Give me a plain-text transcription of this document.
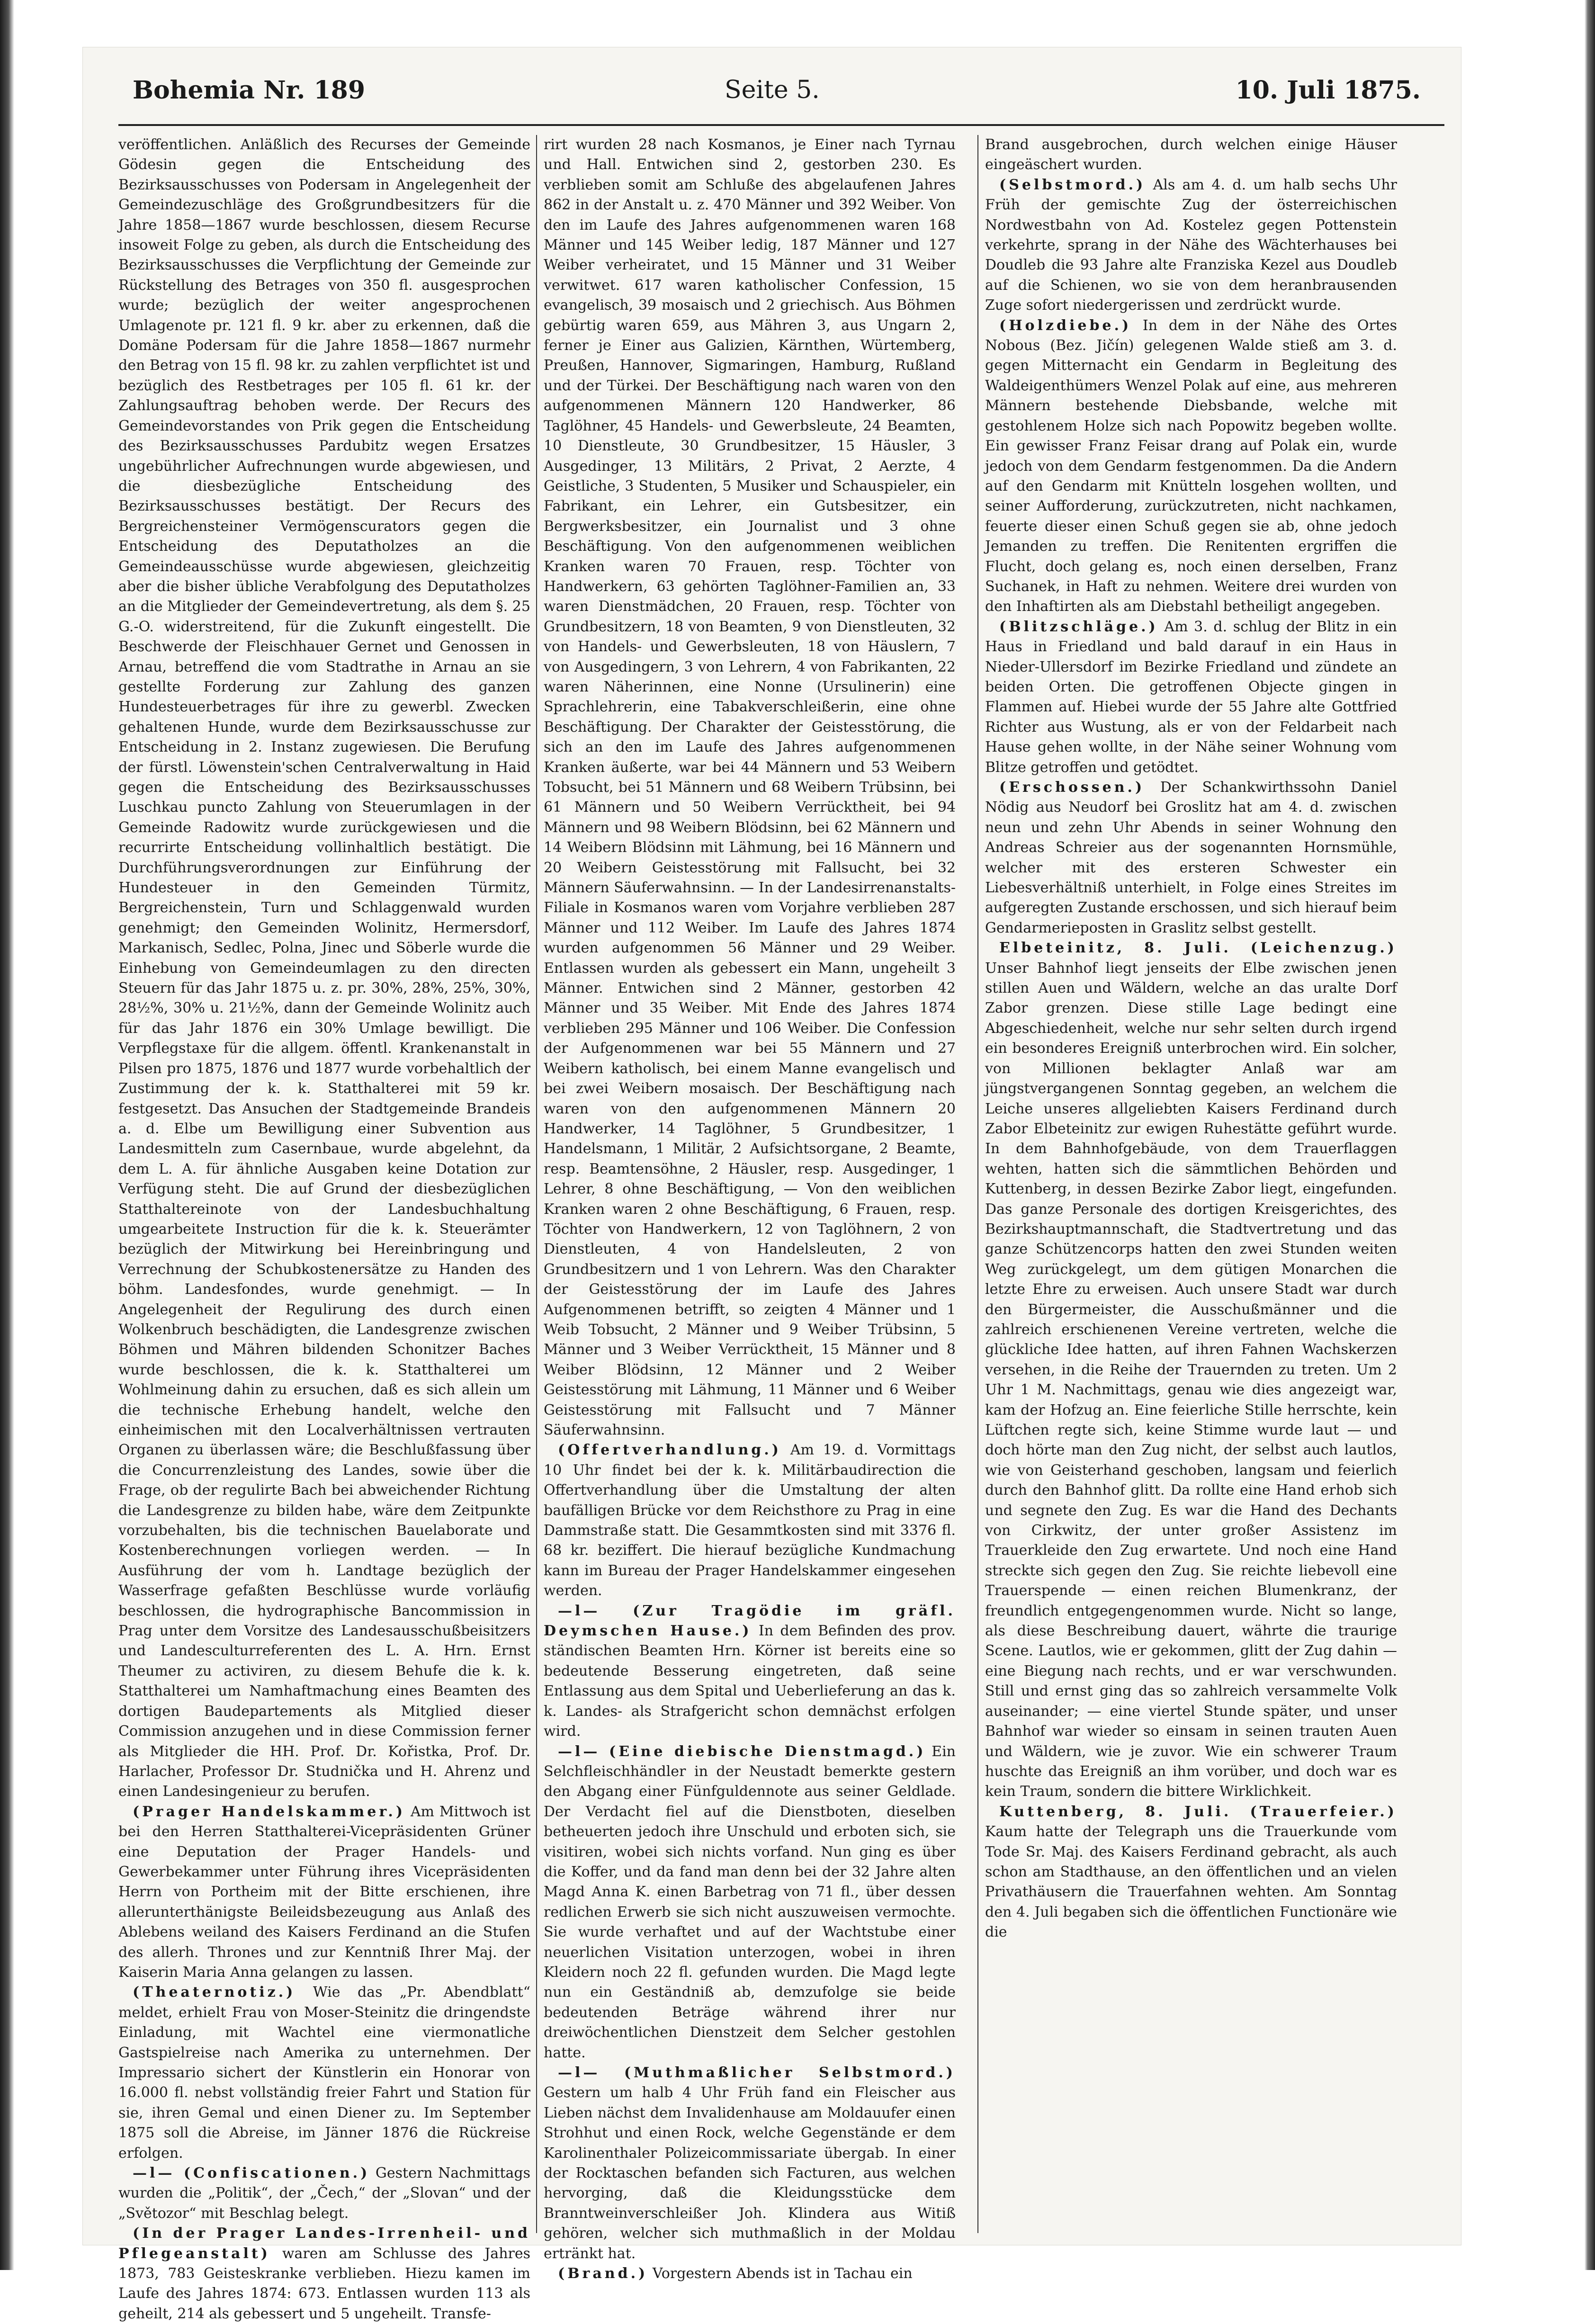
Bohemia Nr. 189	Seite 5.	10. Juli 1875.

veröffentlichen. Anläßlich des Recurses der Gemeinde Gödesin gegen die Entscheidung des Bezirksausschusses von Podersam in Angelegenheit der Gemeindezuschläge des Großgrundbesitzers für die Jahre 1858—1867 wurde beschlossen, diesem Recurse insoweit Folge zu geben, als durch die Entscheidung des Bezirksausschusses die Verpflichtung der Gemeinde zur Rückstellung des Betrages von 350 fl. ausgesprochen wurde; bezüglich der weiter angesprochenen Umlagenote pr. 121 fl. 9 kr. aber zu erkennen, daß die Domäne Podersam für die Jahre 1858—1867 nurmehr den Betrag von 15 fl. 98 kr. zu zahlen verpflichtet ist und bezüglich des Restbetrages per 105 fl. 61 kr. der Zahlungsauftrag behoben werde. Der Recurs des Gemeindevorstandes von Prik gegen die Entscheidung des Bezirksausschusses Pardubitz wegen Ersatzes ungebührlicher Aufrechnungen wurde abgewiesen, und die diesbezügliche Entscheidung des Bezirksausschusses bestätigt. Der Recurs des Bergreichensteiner Vermögenscurators gegen die Entscheidung des Deputatholzes an die Gemeindeausschüsse wurde abgewiesen, gleichzeitig aber die bisher übliche Verabfolgung des Deputatholzes an die Mitglieder der Gemeindevertretung, als dem §. 25 G.-O. widerstreitend, für die Zukunft eingestellt. Die Beschwerde der Fleischhauer Gernet und Genossen in Arnau, betreffend die vom Stadtrathe in Arnau an sie gestellte Forderung zur Zahlung des ganzen Hundesteuerbetrages für ihre zu gewerbl. Zwecken gehaltenen Hunde, wurde dem Bezirksausschusse zur Entscheidung in 2. Instanz zugewiesen. Die Berufung der fürstl. Löwenstein'schen Centralverwaltung in Haid gegen die Entscheidung des Bezirksausschusses Luschkau puncto Zahlung von Steuerumlagen in der Gemeinde Radowitz wurde zurückgewiesen und die recurrirte Entscheidung vollinhaltlich bestätigt. Die Durchführungsverordnungen zur Einführung der Hundesteuer in den Gemeinden Türmitz, Bergreichenstein, Turn und Schlaggenwald wurden genehmigt; den Gemeinden Wolinitz, Hermersdorf, Markanisch, Sedlec, Polna, Jinec und Söberle wurde die Einhebung von Gemeindeumlagen zu den directen Steuern für das Jahr 1875 u. z. pr. 30%, 28%, 25%, 30%, 28½%, 30% u. 21½%, dann der Gemeinde Wolinitz auch für das Jahr 1876 ein 30% Umlage bewilligt. Die Verpflegstaxe für die allgem. öffentl. Krankenanstalt in Pilsen pro 1875, 1876 und 1877 wurde vorbehaltlich der Zustimmung der k. k. Statthalterei mit 59 kr. festgesetzt. Das Ansuchen der Stadtgemeinde Brandeis a. d. Elbe um Bewilligung einer Subvention aus Landesmitteln zum Casernbaue, wurde abgelehnt, da dem L. A. für ähnliche Ausgaben keine Dotation zur Verfügung steht. Die auf Grund der diesbezüglichen Statthaltereinote von der Landesbuchhaltung umgearbeitete Instruction für die k. k. Steuerämter bezüglich der Mitwirkung bei Hereinbringung und Verrechnung der Schubkostenersätze zu Handen des böhm. Landesfondes, wurde genehmigt. — In Angelegenheit der Regulirung des durch einen Wolkenbruch beschädigten, die Landesgrenze zwischen Böhmen und Mähren bildenden Schonitzer Baches wurde beschlossen, die k. k. Statthalterei um Wohlmeinung dahin zu ersuchen, daß es sich allein um die technische Erhebung handelt, welche den einheimischen mit den Localverhältnissen vertrauten Organen zu überlassen wäre; die Beschlußfassung über die Concurrenzleistung des Landes, sowie über die Frage, ob der regulirte Bach bei abweichender Richtung die Landesgrenze zu bilden habe, wäre dem Zeitpunkte vorzubehalten, bis die technischen Bauelaborate und Kostenberechnungen vorliegen werden. — In Ausführung der vom h. Landtage bezüglich der Wasserfrage gefaßten Beschlüsse wurde vorläufig beschlossen, die hydrographische Bancommission in Prag unter dem Vorsitze des Landesausschußbeisitzers und Landesculturreferenten des L. A. Hrn. Ernst Theumer zu activiren, zu diesem Behufe die k. k. Statthalterei um Namhaftmachung eines Beamten des dortigen Baudepartements als Mitglied dieser Commission anzugehen und in diese Commission ferner als Mitglieder die HH. Prof. Dr. Kořistka, Prof. Dr. Harlacher, Professor Dr. Studnička und H. Ahrenz und einen Landesingenieur zu berufen.

(Prager Handelskammer.) Am Mittwoch ist bei den Herren Statthalterei-Vicepräsidenten Grüner eine Deputation der Prager Handels- und Gewerbekammer unter Führung ihres Vicepräsidenten Herrn von Portheim mit der Bitte erschienen, ihre allerunterthänigste Beileidsbezeugung aus Anlaß des Ablebens weiland des Kaisers Ferdinand an die Stufen des allerh. Thrones und zur Kenntniß Ihrer Maj. der Kaiserin Maria Anna gelangen zu lassen.

(Theaternotiz.) Wie das „Pr. Abendblatt“ meldet, erhielt Frau von Moser-Steinitz die dringendste Einladung, mit Wachtel eine viermonatliche Gastspielreise nach Amerika zu unternehmen. Der Impressario sichert der Künstlerin ein Honorar von 16.000 fl. nebst vollständig freier Fahrt und Station für sie, ihren Gemal und einen Diener zu. Im September 1875 soll die Abreise, im Jänner 1876 die Rückreise erfolgen.

—l— (Confiscationen.) Gestern Nachmittags wurden die „Politik“, der „Čech,“ der „Slovan“ und der „Světozor“ mit Beschlag belegt.

(In der Prager Landes-Irrenheil- und Pflegeanstalt) waren am Schlusse des Jahres 1873, 783 Geisteskranke verblieben. Hiezu kamen im Laufe des Jahres 1874: 673. Entlassen wurden 113 als geheilt, 214 als gebessert und 5 ungeheilt. Transfe-

rirt wurden 28 nach Kosmanos, je Einer nach Tyrnau und Hall. Entwichen sind 2, gestorben 230. Es verblieben somit am Schluße des abgelaufenen Jahres 862 in der Anstalt u. z. 470 Männer und 392 Weiber. Von den im Laufe des Jahres aufgenommenen waren 168 Männer und 145 Weiber ledig, 187 Männer und 127 Weiber verheiratet, und 15 Männer und 31 Weiber verwitwet. 617 waren katholischer Confession, 15 evangelisch, 39 mosaisch und 2 griechisch. Aus Böhmen gebürtig waren 659, aus Mähren 3, aus Ungarn 2, ferner je Einer aus Galizien, Kärnthen, Würtemberg, Preußen, Hannover, Sigmaringen, Hamburg, Rußland und der Türkei. Der Beschäftigung nach waren von den aufgenommenen Männern 120 Handwerker, 86 Taglöhner, 45 Handels- und Gewerbsleute, 24 Beamten, 10 Dienstleute, 30 Grundbesitzer, 15 Häusler, 3 Ausgedinger, 13 Militärs, 2 Privat, 2 Aerzte, 4 Geistliche, 3 Studenten, 5 Musiker und Schauspieler, ein Fabrikant, ein Lehrer, ein Gutsbesitzer, ein Bergwerksbesitzer, ein Journalist und 3 ohne Beschäftigung. Von den aufgenommenen weiblichen Kranken waren 70 Frauen, resp. Töchter von Handwerkern, 63 gehörten Taglöhner-Familien an, 33 waren Dienstmädchen, 20 Frauen, resp. Töchter von Grundbesitzern, 18 von Beamten, 9 von Dienstleuten, 32 von Handels- und Gewerbsleuten, 18 von Häuslern, 7 von Ausgedingern, 3 von Lehrern, 4 von Fabrikanten, 22 waren Näherinnen, eine Nonne (Ursulinerin) eine Sprachlehrerin, eine Tabakverschleißerin, eine ohne Beschäftigung. Der Charakter der Geistesstörung, die sich an den im Laufe des Jahres aufgenommenen Kranken äußerte, war bei 44 Männern und 53 Weibern Tobsucht, bei 51 Männern und 68 Weibern Trübsinn, bei 61 Männern und 50 Weibern Verrücktheit, bei 94 Männern und 98 Weibern Blödsinn, bei 62 Männern und 14 Weibern Blödsinn mit Lähmung, bei 16 Männern und 20 Weibern Geistesstörung mit Fallsucht, bei 32 Männern Säuferwahnsinn. — In der Landesirrenanstalts-Filiale in Kosmanos waren vom Vorjahre verblieben 287 Männer und 112 Weiber. Im Laufe des Jahres 1874 wurden aufgenommen 56 Männer und 29 Weiber. Entlassen wurden als gebessert ein Mann, ungeheilt 3 Männer. Entwichen sind 2 Männer, gestorben 42 Männer und 35 Weiber. Mit Ende des Jahres 1874 verblieben 295 Männer und 106 Weiber. Die Confession der Aufgenommenen war bei 55 Männern und 27 Weibern katholisch, bei einem Manne evangelisch und bei zwei Weibern mosaisch. Der Beschäftigung nach waren von den aufgenommenen Männern 20 Handwerker, 14 Taglöhner, 5 Grundbesitzer, 1 Handelsmann, 1 Militär, 2 Aufsichtsorgane, 2 Beamte, resp. Beamtensöhne, 2 Häusler, resp. Ausgedinger, 1 Lehrer, 8 ohne Beschäftigung, — Von den weiblichen Kranken waren 2 ohne Beschäftigung, 6 Frauen, resp. Töchter von Handwerkern, 12 von Taglöhnern, 2 von Dienstleuten, 4 von Handelsleuten, 2 von Grundbesitzern und 1 von Lehrern. Was den Charakter der Geistesstörung der im Laufe des Jahres Aufgenommenen betrifft, so zeigten 4 Männer und 1 Weib Tobsucht, 2 Männer und 9 Weiber Trübsinn, 5 Männer und 3 Weiber Verrücktheit, 15 Männer und 8 Weiber Blödsinn, 12 Männer und 2 Weiber Geistesstörung mit Lähmung, 11 Männer und 6 Weiber Geistesstörung mit Fallsucht und 7 Männer Säuferwahnsinn.

(Offertverhandlung.) Am 19. d. Vormittags 10 Uhr findet bei der k. k. Militärbaudirection die Offertverhandlung über die Umstaltung der alten baufälligen Brücke vor dem Reichsthore zu Prag in eine Dammstraße statt. Die Gesammtkosten sind mit 3376 fl. 68 kr. beziffert. Die hierauf bezügliche Kundmachung kann im Bureau der Prager Handelskammer eingesehen werden.

—l— (Zur Tragödie im gräfl. Deymschen Hause.) In dem Befinden des prov. ständischen Beamten Hrn. Körner ist bereits eine so bedeutende Besserung eingetreten, daß seine Entlassung aus dem Spital und Ueberlieferung an das k. k. Landes- als Strafgericht schon demnächst erfolgen wird.

—l— (Eine diebische Dienstmagd.) Ein Selchfleischhändler in der Neustadt bemerkte gestern den Abgang einer Fünfguldennote aus seiner Geldlade. Der Verdacht fiel auf die Dienstboten, dieselben betheuerten jedoch ihre Unschuld und erboten sich, sie visitiren, wobei sich nichts vorfand. Nun ging es über die Koffer, und da fand man denn bei der 32 Jahre alten Magd Anna K. einen Barbetrag von 71 fl., über dessen redlichen Erwerb sie sich nicht auszuweisen vermochte. Sie wurde verhaftet und auf der Wachtstube einer neuerlichen Visitation unterzogen, wobei in ihren Kleidern noch 22 fl. gefunden wurden. Die Magd legte nun ein Geständniß ab, demzufolge sie beide bedeutenden Beträge während ihrer nur dreiwöchentlichen Dienstzeit dem Selcher gestohlen hatte.

—l— (Muthmaßlicher Selbstmord.) Gestern um halb 4 Uhr Früh fand ein Fleischer aus Lieben nächst dem Invalidenhause am Moldauufer einen Strohhut und einen Rock, welche Gegenstände er dem Karolinenthaler Polizeicommissariate übergab. In einer der Rocktaschen befanden sich Facturen, aus welchen hervorging, daß die Kleidungsstücke dem Branntweinverschleißer Joh. Klindera aus Witiß gehören, welcher sich muthmaßlich in der Moldau ertränkt hat.

(Brand.) Vorgestern Abends ist in Tachau ein

Brand ausgebrochen, durch welchen einige Häuser eingeäschert wurden.

(Selbstmord.) Als am 4. d. um halb sechs Uhr Früh der gemischte Zug der österreichischen Nordwestbahn von Ad. Kostelez gegen Pottenstein verkehrte, sprang in der Nähe des Wächterhauses bei Doudleb die 93 Jahre alte Franziska Kezel aus Doudleb auf die Schienen, wo sie von dem heranbrausenden Zuge sofort niedergerissen und zerdrückt wurde.

(Holzdiebe.) In dem in der Nähe des Ortes Nobous (Bez. Jičín) gelegenen Walde stieß am 3. d. gegen Mitternacht ein Gendarm in Begleitung des Waldeigenthümers Wenzel Polak auf eine, aus mehreren Männern bestehende Diebsbande, welche mit gestohlenem Holze sich nach Popowitz begeben wollte. Ein gewisser Franz Feisar drang auf Polak ein, wurde jedoch von dem Gendarm festgenommen. Da die Andern auf den Gendarm mit Knütteln losgehen wollten, und seiner Aufforderung, zurückzutreten, nicht nachkamen, feuerte dieser einen Schuß gegen sie ab, ohne jedoch Jemanden zu treffen. Die Renitenten ergriffen die Flucht, doch gelang es, noch einen derselben, Franz Suchanek, in Haft zu nehmen. Weitere drei wurden von den Inhaftirten als am Diebstahl betheiligt angegeben.

(Blitzschläge.) Am 3. d. schlug der Blitz in ein Haus in Friedland und bald darauf in ein Haus in Nieder-Ullersdorf im Bezirke Friedland und zündete an beiden Orten. Die getroffenen Objecte gingen in Flammen auf. Hiebei wurde der 55 Jahre alte Gottfried Richter aus Wustung, als er von der Feldarbeit nach Hause gehen wollte, in der Nähe seiner Wohnung vom Blitze getroffen und getödtet.

(Erschossen.) Der Schankwirthssohn Daniel Nödig aus Neudorf bei Groslitz hat am 4. d. zwischen neun und zehn Uhr Abends in seiner Wohnung den Andreas Schreier aus der sogenannten Hornsmühle, welcher mit des ersteren Schwester ein Liebesverhältniß unterhielt, in Folge eines Streites im aufgeregten Zustande erschossen, und sich hierauf beim Gendarmerieposten in Graslitz selbst gestellt.

Elbeteinitz, 8. Juli. (Leichenzug.) Unser Bahnhof liegt jenseits der Elbe zwischen jenen stillen Auen und Wäldern, welche an das uralte Dorf Zabor grenzen. Diese stille Lage bedingt eine Abgeschiedenheit, welche nur sehr selten durch irgend ein besonderes Ereigniß unterbrochen wird. Ein solcher, von Millionen beklagter Anlaß war am jüngstvergangenen Sonntag gegeben, an welchem die Leiche unseres allgeliebten Kaisers Ferdinand durch Zabor Elbeteinitz zur ewigen Ruhestätte geführt wurde. In dem Bahnhofgebäude, von dem Trauerflaggen wehten, hatten sich die sämmtlichen Behörden und Kuttenberg, in dessen Bezirke Zabor liegt, eingefunden. Das ganze Personale des dortigen Kreisgerichtes, des Bezirkshauptmannschaft, die Stadtvertretung und das ganze Schützencorps hatten den zwei Stunden weiten Weg zurückgelegt, um dem gütigen Monarchen die letzte Ehre zu erweisen. Auch unsere Stadt war durch den Bürgermeister, die Ausschußmänner und die zahlreich erschienenen Vereine vertreten, welche die glückliche Idee hatten, auf ihren Fahnen Wachskerzen versehen, in die Reihe der Trauernden zu treten. Um 2 Uhr 1 M. Nachmittags, genau wie dies angezeigt war, kam der Hofzug an. Eine feierliche Stille herrschte, kein Lüftchen regte sich, keine Stimme wurde laut — und doch hörte man den Zug nicht, der selbst auch lautlos, wie von Geisterhand geschoben, langsam und feierlich durch den Bahnhof glitt. Da rollte eine Hand erhob sich und segnete den Zug. Es war die Hand des Dechants von Cirkwitz, der unter großer Assistenz im Trauerkleide den Zug erwartete. Und noch eine Hand streckte sich gegen den Zug. Sie reichte liebevoll eine Trauerspende — einen reichen Blumenkranz, der freundlich entgegengenommen wurde. Nicht so lange, als diese Beschreibung dauert, währte die traurige Scene. Lautlos, wie er gekommen, glitt der Zug dahin — eine Biegung nach rechts, und er war verschwunden. Still und ernst ging das so zahlreich versammelte Volk auseinander; — eine viertel Stunde später, und unser Bahnhof war wieder so einsam in seinen trauten Auen und Wäldern, wie je zuvor. Wie ein schwerer Traum huschte das Ereigniß an ihm vorüber, und doch war es kein Traum, sondern die bittere Wirklichkeit.

Kuttenberg, 8. Juli. (Trauerfeier.) Kaum hatte der Telegraph uns die Trauerkunde vom Tode Sr. Maj. des Kaisers Ferdinand gebracht, als auch schon am Stadthause, an den öffentlichen und an vielen Privathäusern die Trauerfahnen wehten. Am Sonntag den 4. Juli begaben sich die öffentlichen Functionäre wie die
